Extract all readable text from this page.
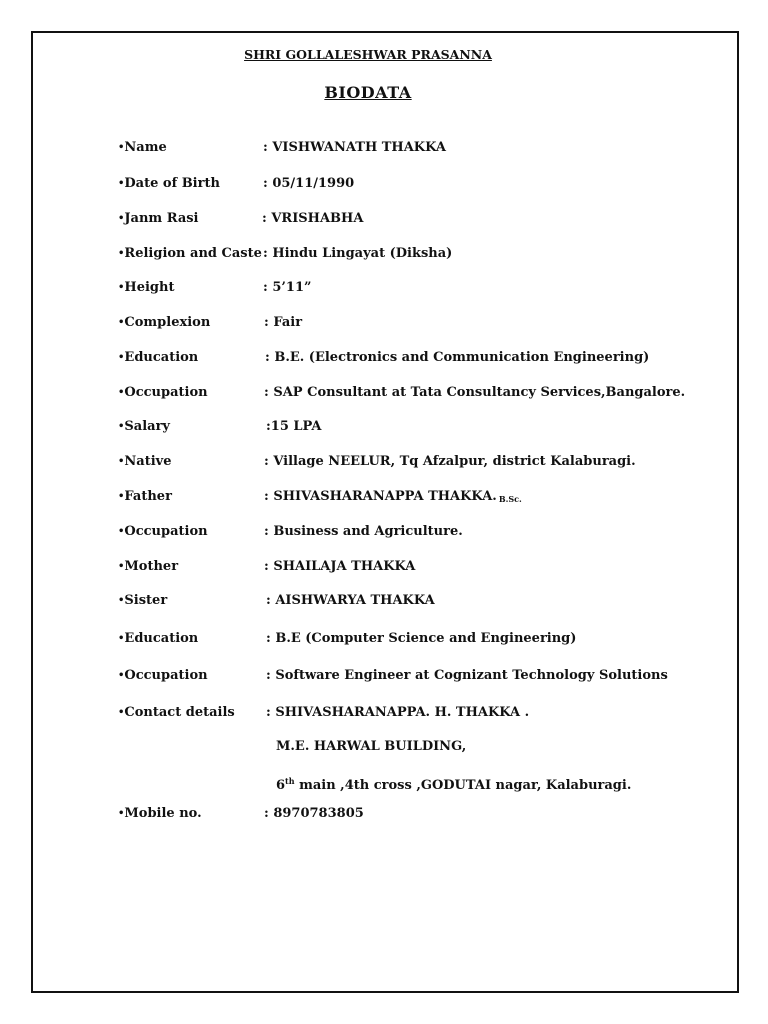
SHRI GOLLALESHWAR PRASANNA
BIODATA
•Name	: VISHWANATH THAKKA
•Date of Birth	: 05/11/1990
•Janm Rasi	: VRISHABHA
•Religion and Caste : Hindu Lingayat (Diksha)
•Height	: 5’11”
•Complexion	: Fair
•Education	: B.E. (Electronics and Communication Engineering)
•Occupation	: SAP Consultant at Tata Consultancy Services,Bangalore.
•Salary	:15 LPA
•Native	: Village NEELUR, Tq Afzalpur, district Kalaburagi.
•Father	: SHIVASHARANAPPA THAKKA. B.Sc.
•Occupation	: Business and Agriculture.
•Mother	: SHAILAJA THAKKA
•Sister	: AISHWARYA THAKKA
•Education	: B.E (Computer Science and Engineering)
•Occupation	: Software Engineer at Cognizant Technology Solutions
•Contact details : SHIVASHARANAPPA. H. THAKKA .
M.E. HARWAL BUILDING,
6th main ,4th cross ,GODUTAI nagar, Kalaburagi.
•Mobile no.	: 8970783805
